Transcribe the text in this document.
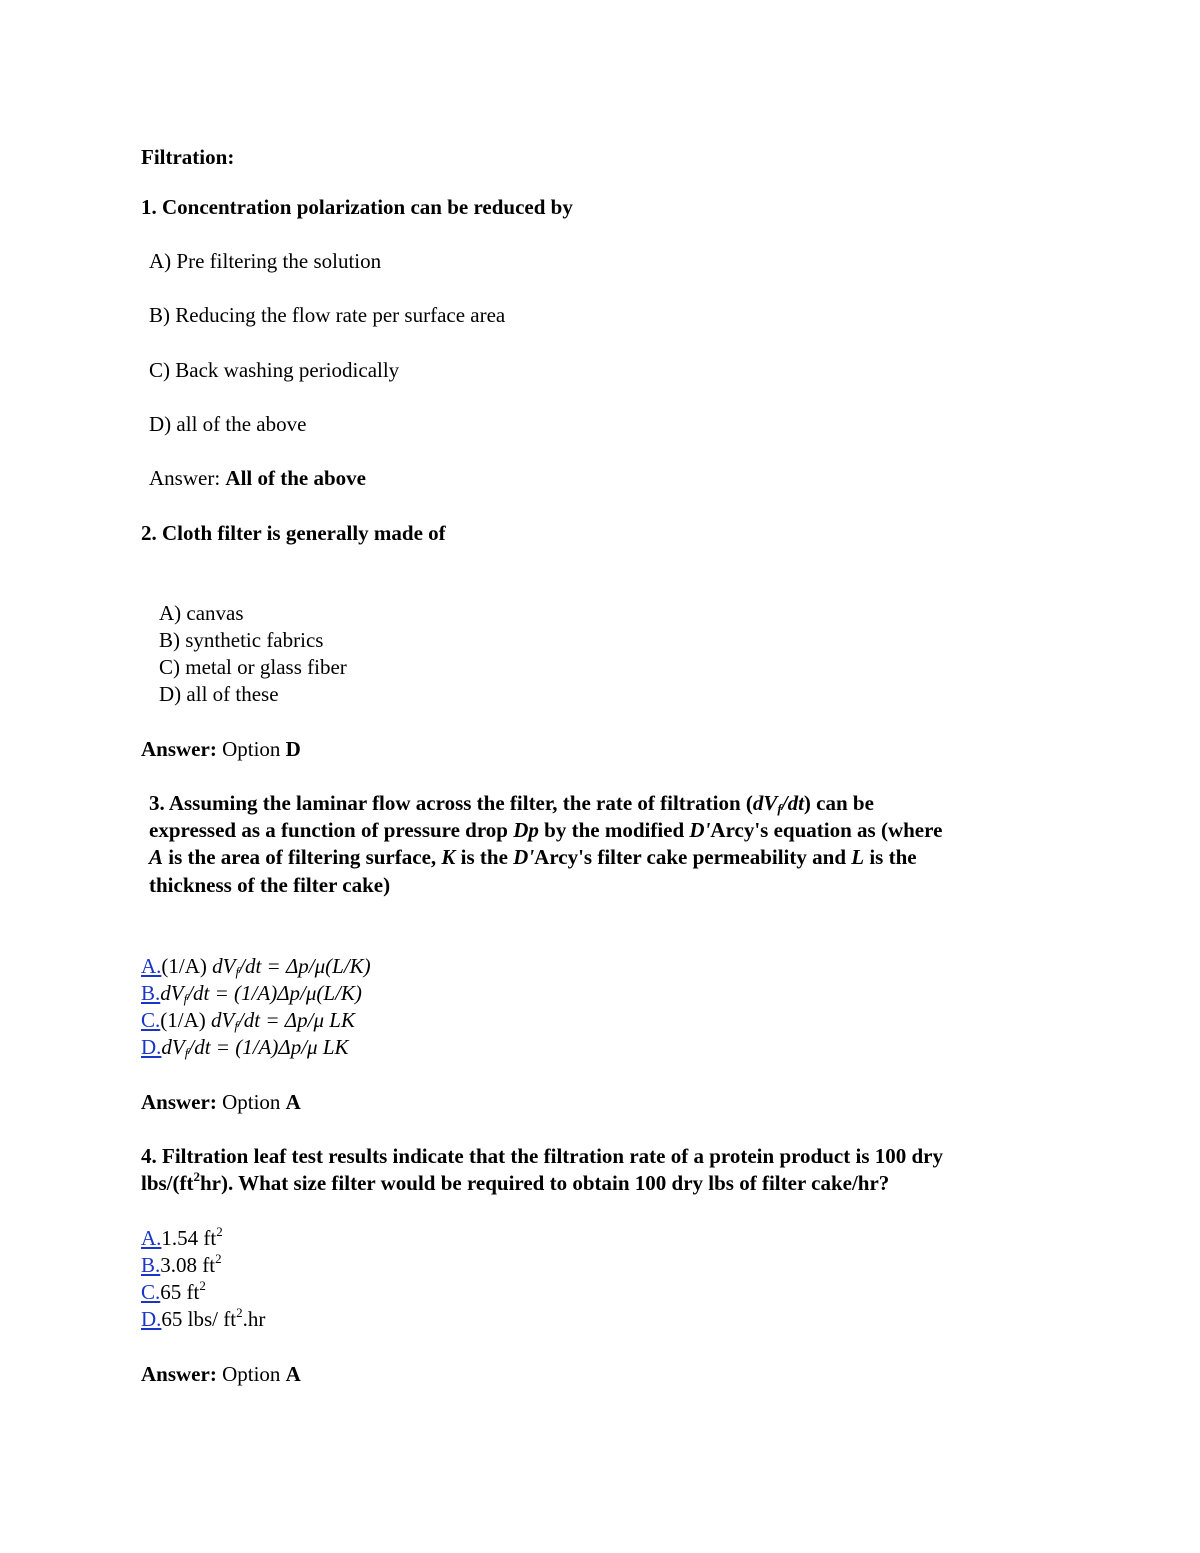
Filtration:
1. Concentration polarization can be reduced by
A) Pre filtering the solution
B) Reducing the flow rate per surface area
C) Back washing periodically
D) all of the above
Answer: All of the above
2. Cloth filter is generally made of
A) canvas
B) synthetic fabrics
C) metal or glass fiber
D) all of these
Answer: Option D
3. Assuming the laminar flow across the filter, the rate of filtration $(dV_f/dt)$ can be
expressed as a function of pressure drop Dp by the modified D'Arcy's equation as (where
A is the area of filtering surface, K is the D'Arcy's filter cake permeability and L is the
thickness of the filter cake)
A.(1/A) $dV_f/dt = \Delta p/\mu(L/K)$
$B.dV_f/dt = (1/A)\Delta p/\mu(L/K)$
C.(1/A) $dV_f/dt = \Delta p/\mu$ LK
$D.dV_f/dt = (1/A)\Delta p/\mu$ LK
Answer: Option A
4. Filtration leaf test results indicate that the filtration rate of a protein product is 100 dry
lbs/$(ft^2hr)$. What size filter would be required to obtain 100 dry lbs of filter cake/hr?
A.1.54 $ft^2$
B.3.08 $ft^2$
C.65 $ft^2$
D.65 lbs/ $ft^2.hr$
Answer: Option A
